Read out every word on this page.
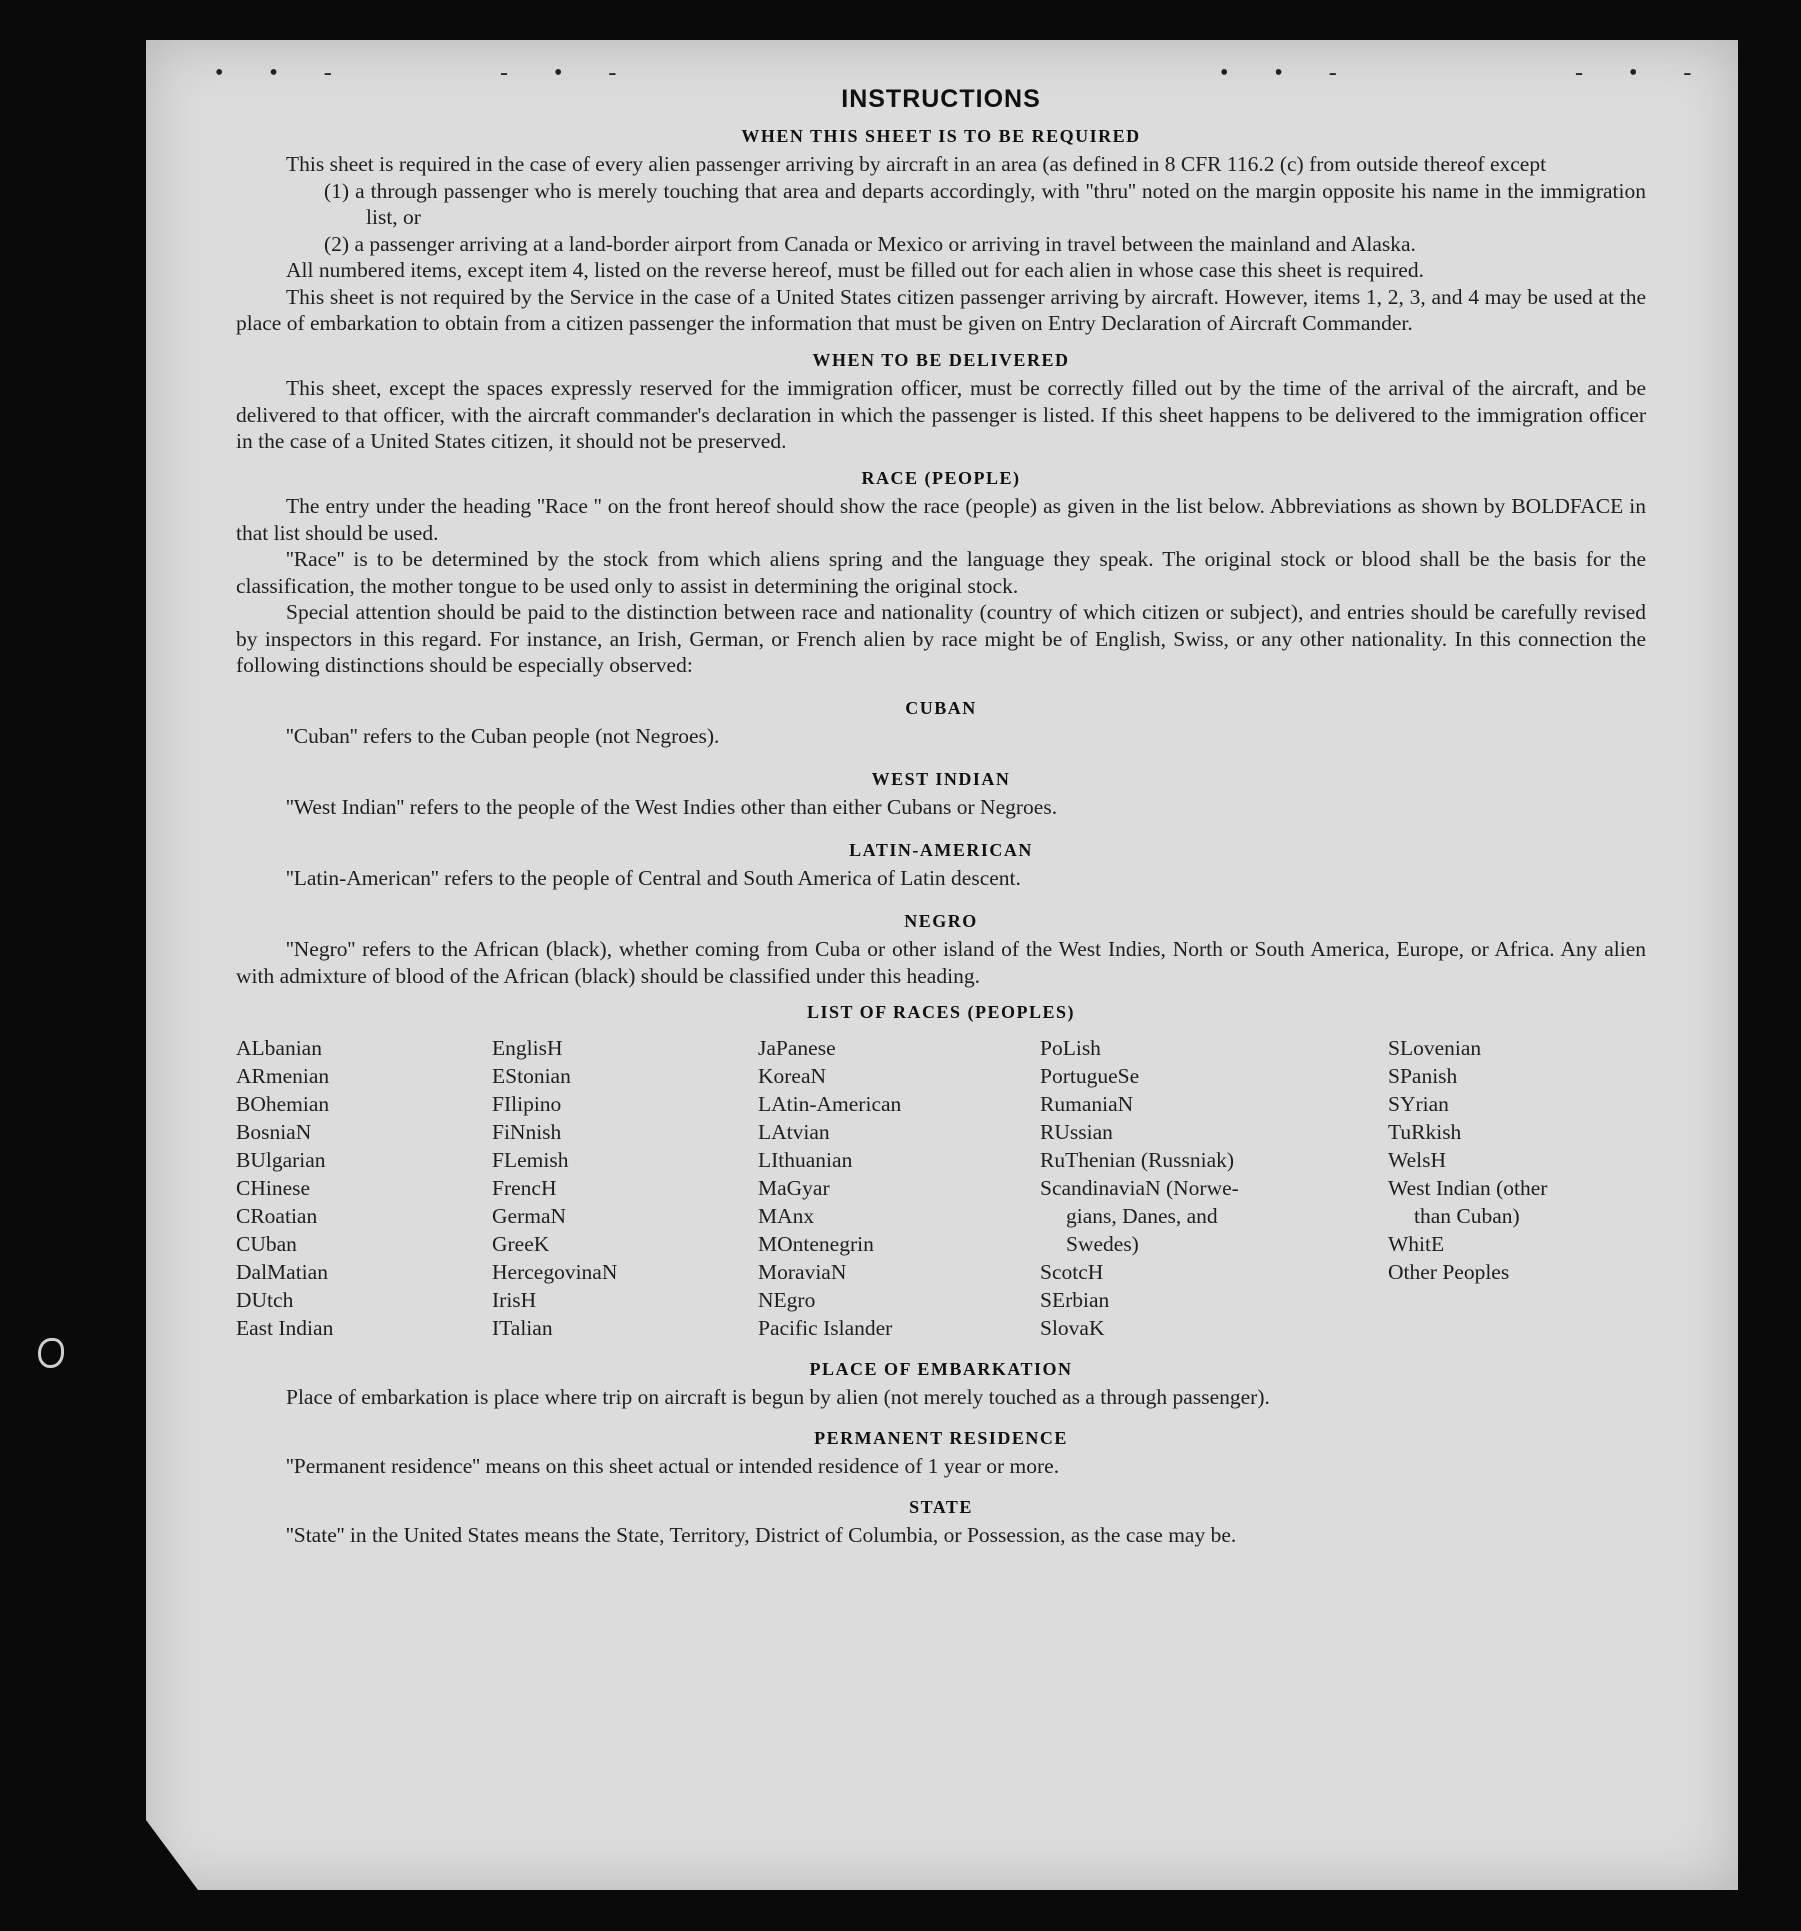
• • -	- • -	• • -	- • -
INSTRUCTIONS
WHEN THIS SHEET IS TO BE REQUIRED

This sheet is required in the case of every alien passenger arriving by aircraft in an area (as defined in 8 CFR 116.2 (c) from outside thereof except

(1) a through passenger who is merely touching that area and departs accordingly, with ''thru'' noted on the margin opposite his name in the immigration list, or

(2) a passenger arriving at a land-border airport from Canada or Mexico or arriving in travel between the mainland and Alaska.

All numbered items, except item 4, listed on the reverse hereof, must be filled out for each alien in whose case this sheet is required.

This sheet is not required by the Service in the case of a United States citizen passenger arriving by aircraft. However, items 1, 2, 3, and 4 may be used at the place of embarkation to obtain from a citizen passenger the information that must be given on Entry Declaration of Aircraft Commander.

WHEN TO BE DELIVERED

This sheet, except the spaces expressly reserved for the immigration officer, must be correctly filled out by the time of the arrival of the aircraft, and be delivered to that officer, with the aircraft commander's declaration in which the passenger is listed. If this sheet happens to be delivered to the immigration officer in the case of a United States citizen, it should not be preserved.

RACE (PEOPLE)

The entry under the heading ''Race '' on the front hereof should show the race (people) as given in the list below. Abbreviations as shown by BOLDFACE in that list should be used.

''Race'' is to be determined by the stock from which aliens spring and the language they speak. The original stock or blood shall be the basis for the classification, the mother tongue to be used only to assist in determining the original stock.

Special attention should be paid to the distinction between race and nationality (country of which citizen or subject), and entries should be carefully revised by inspectors in this regard. For instance, an Irish, German, or French alien by race might be of English, Swiss, or any other nationality. In this connection the following distinctions should be especially observed:

CUBAN

''Cuban'' refers to the Cuban people (not Negroes).

WEST INDIAN

''West Indian'' refers to the people of the West Indies other than either Cubans or Negroes.

LATIN-AMERICAN

''Latin-American'' refers to the people of Central and South America of Latin descent.

NEGRO

''Negro'' refers to the African (black), whether coming from Cuba or other island of the West Indies, North or South America, Europe, or Africa. Any alien with admixture of blood of the African (black) should be classified under this heading.

LIST OF RACES (PEOPLES)
ALbanian
ARmenian
BOhemian
BosniaN
BUlgarian
CHinese
CRoatian
CUban
DalMatian
DUtch
East Indian
EnglisH
EStonian
FIlipino
FiNnish
FLemish
FrencH
GermaN
GreeK
HercegovinaN
IrisH
ITalian
JaPanese
KoreaN
LAtin-American
LAtvian
LIthuanian
MaGyar
MAnx
MOntenegrin
MoraviaN
NEgro
Pacific Islander
PoLish
PortugueSe
RumaniaN
RUssian
RuThenian (Russniak)
ScandinaviaN (Norwe-
gians, Danes, and
Swedes)
ScotcH
SErbian
SlovaK
SLovenian
SPanish
SYrian
TuRkish
WelsH
West Indian (other
than Cuban)
WhitE
Other Peoples
PLACE OF EMBARKATION

Place of embarkation is place where trip on aircraft is begun by alien (not merely touched as a through passenger).

PERMANENT RESIDENCE

''Permanent residence'' means on this sheet actual or intended residence of 1 year or more.

STATE

''State'' in the United States means the State, Territory, District of Columbia, or Possession, as the case may be.
